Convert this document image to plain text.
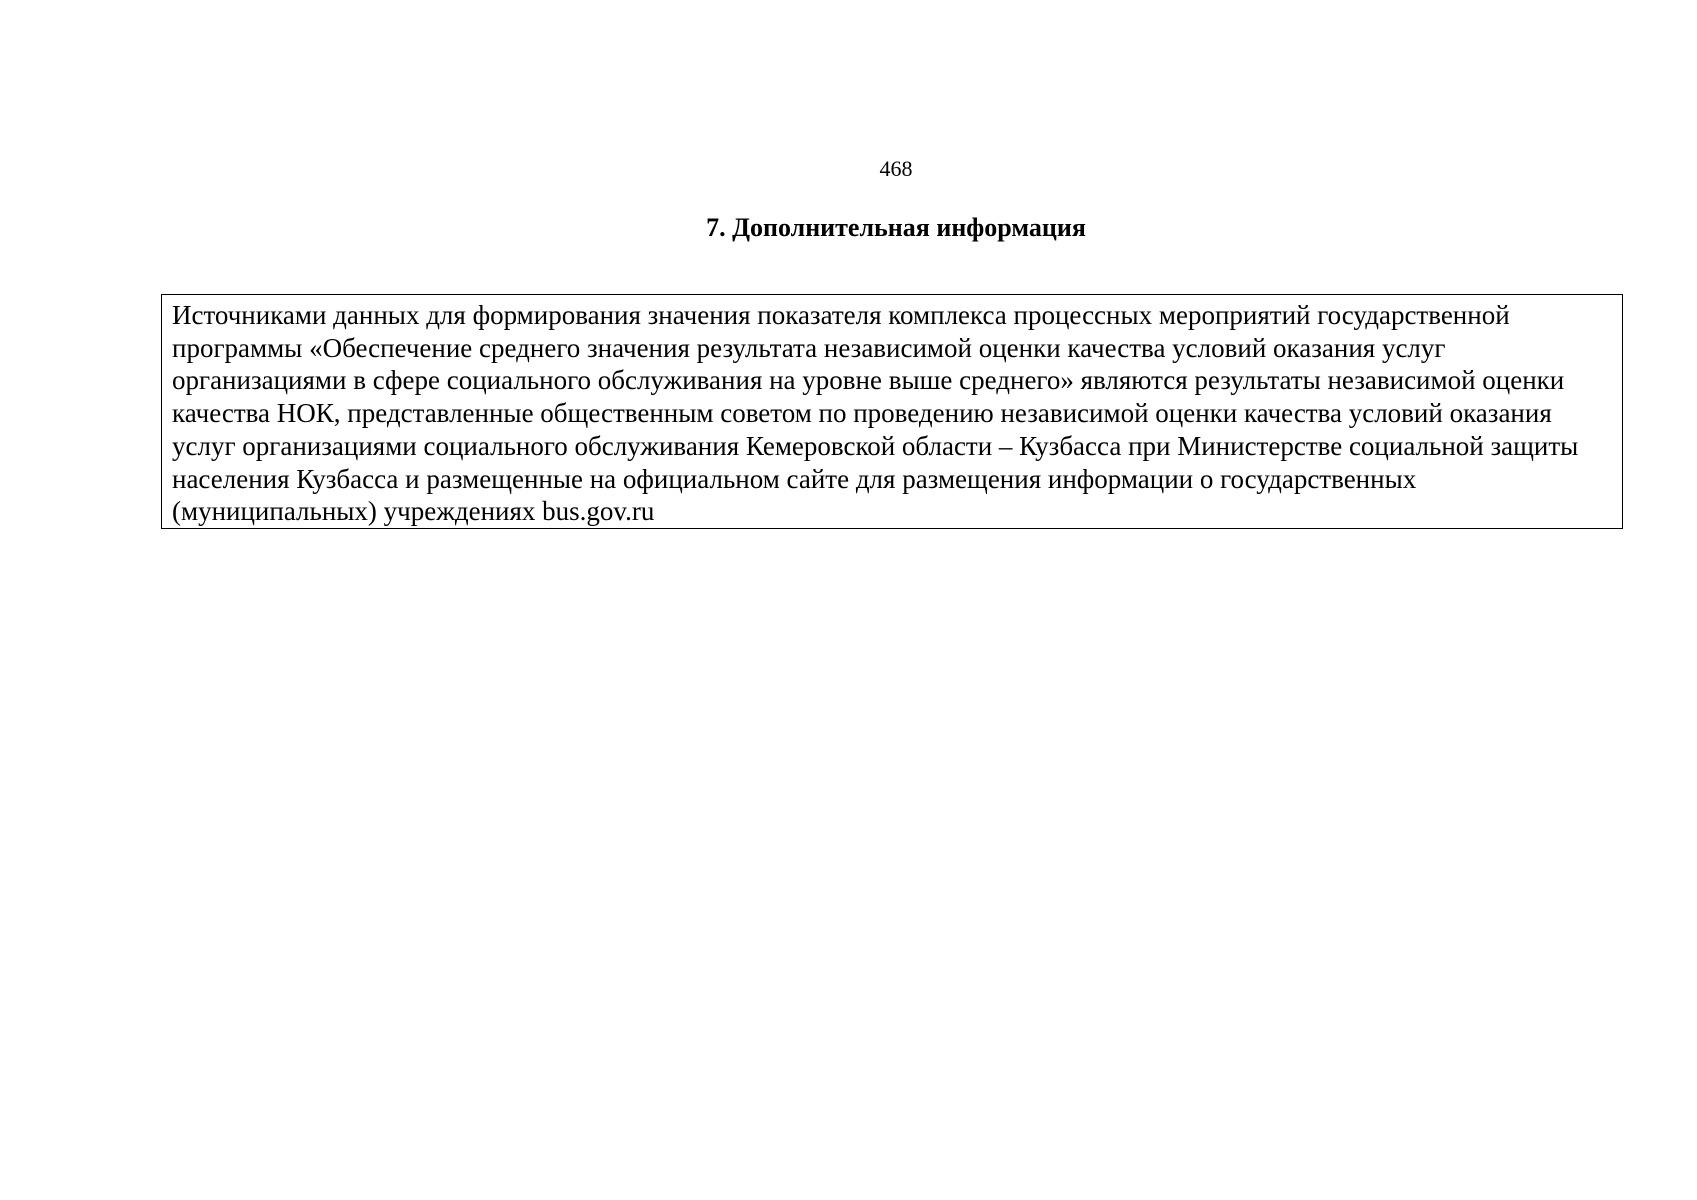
468
7. Дополнительная информация

Источниками данных для формирования значения показателя комплекса процессных мероприятий государственной программы «Обеспечение среднего значения результата независимой оценки качества условий оказания услуг организациями в сфере социального обслуживания на уровне выше среднего» являются результаты независимой оценки качества НОК, представленные общественным советом по проведению независимой оценки качества условий оказания услуг организациями социального обслуживания Кемеровской области – Кузбасса при Министерстве социальной защиты населения Кузбасса и размещенные на официальном сайте для размещения информации о государственных (муниципальных) учреждениях bus.gov.ru
